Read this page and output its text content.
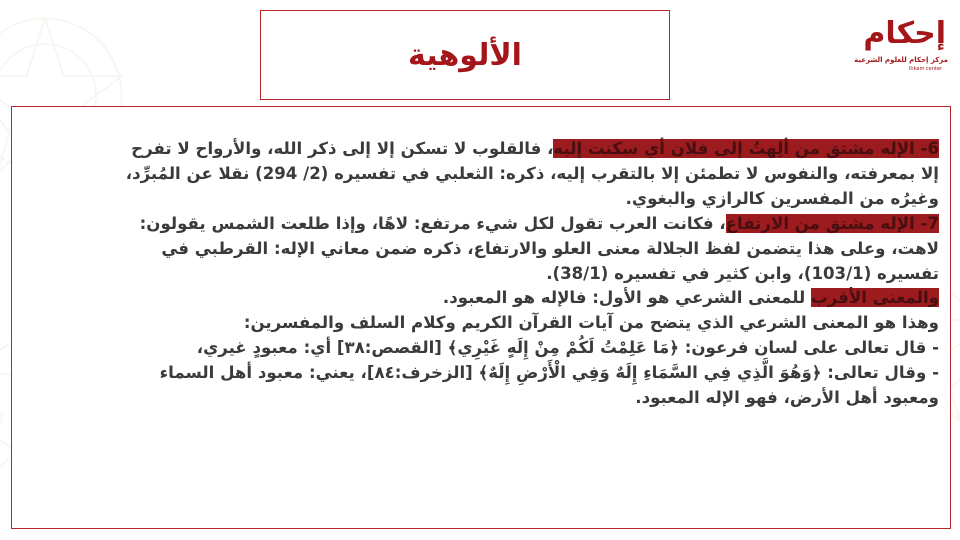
الألوهية
إحكام
مركز إحكام للعلوم الشرعية
Ihkam center
6- الإله مشتق من ألِهتُ إلى فلان أي سكنت إليه، فالقلوب لا تسكن إلا إلى ذكر الله، والأرواح لا تفرح
إلا بمعرفته، والنفوس لا تطمئن إلا بالتقرب إليه، ذكره: الثعلبي في تفسيره (2/ 294) نقلا عن المُبرِّد،
وغيرُه من المفسرين كالرازي والبغوي.
7- الإله مشتق من الارتفاع، فكانت العرب تقول لكل شيء مرتفع: لاهًا، وإذا طلعت الشمس يقولون:
لاهت، وعلى هذا يتضمن لفظ الجلالة معنى العلو والارتفاع، ذكره ضمن معاني الإله: القرطبي في
تفسيره (103/1)، وابن كثير في تفسيره (38/1).
والمعنى الأقرب للمعنى الشرعي هو الأول: فالإله هو المعبود.
وهذا هو المعنى الشرعي الذي يتضح من آيات القرآن الكريم وكلام السلف والمفسرين:
- قال تعالى على لسان فرعون: ﴿مَا عَلِمْتُ لَكُمْ مِنْ إِلَهٍ غَيْرِي﴾ [القصص:٣٨] أي: معبودٍ غيري،
- وقال تعالى: ﴿وَهُوَ الَّذِي فِي السَّمَاءِ إِلَهٌ وَفِي الْأَرْضِ إِلَهٌ﴾ [الزخرف:٨٤]، يعني: معبود أهل السماء
ومعبود أهل الأرض، فهو الإله المعبود.
